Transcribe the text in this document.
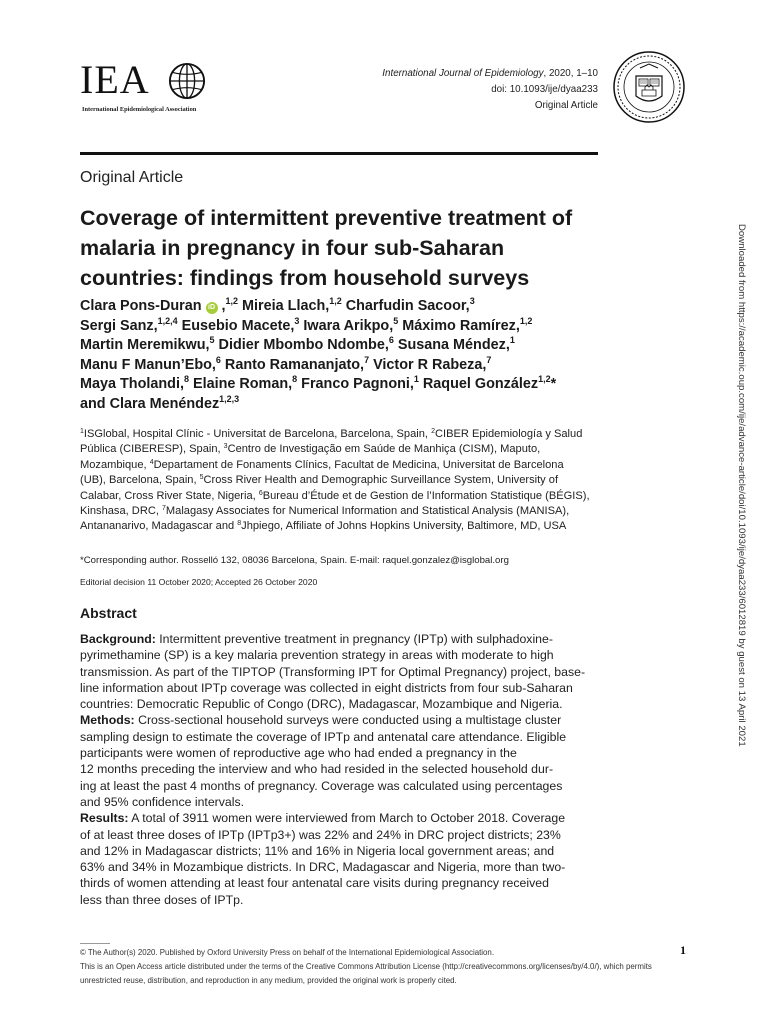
IEA
International Epidemiological Association
International Journal of Epidemiology, 2020, 1–10
doi: 10.1093/ije/dyaa233
Original Article
Original Article
Coverage of intermittent preventive treatment of malaria in pregnancy in four sub-Saharan countries: findings from household surveys
Clara Pons-Duran iD ,$^{1,2}$ Mireia Llach,$^{1,2}$ Charfudin Sacoor,$^3$
Sergi Sanz,$^{1,2,4}$ Eusebio Macete,$^3$ Iwara Arikpo,$^5$ Máximo Ramírez,$^{1,2}$
Martin Meremikwu,$^5$ Didier Mbombo Ndombe,$^6$ Susana Méndez,$^1$
Manu F Manun’Ebo,$^6$ Ranto Ramananjato,$^7$ Victor R Rabeza,$^7$
Maya Tholandi,$^8$ Elaine Roman,$^8$ Franco Pagnoni,$^1$ Raquel González$^{1,2}$*
and Clara Menéndez$^{1,2,3}$
$^1$ISGlobal, Hospital Clínic - Universitat de Barcelona, Barcelona, Spain, $^2$CIBER Epidemiología y Salud
Pública (CIBERESP), Spain, $^3$Centro de Investigação em Saúde de Manhiça (CISM), Maputo,
Mozambique, $^4$Departament de Fonaments Clínics, Facultat de Medicina, Universitat de Barcelona
(UB), Barcelona, Spain, $^5$Cross River Health and Demographic Surveillance System, University of
Calabar, Cross River State, Nigeria, $^6$Bureau d’Étude et de Gestion de l’Information Statistique (BÉGIS),
Kinshasa, DRC, $^7$Malagasy Associates for Numerical Information and Statistical Analysis (MANISA),
Antananarivo, Madagascar and $^8$Jhpiego, Affiliate of Johns Hopkins University, Baltimore, MD, USA
*Corresponding author. Rosselló 132, 08036 Barcelona, Spain. E-mail: raquel.gonzalez@isglobal.org
Editorial decision 11 October 2020; Accepted 26 October 2020
Abstract
Background: Intermittent preventive treatment in pregnancy (IPTp) with sulphadoxine-
pyrimethamine (SP) is a key malaria prevention strategy in areas with moderate to high
transmission. As part of the TIPTOP (Transforming IPT for Optimal Pregnancy) project, base-
line information about IPTp coverage was collected in eight districts from four sub-Saharan
countries: Democratic Republic of Congo (DRC), Madagascar, Mozambique and Nigeria.
Methods: Cross-sectional household surveys were conducted using a multistage cluster
sampling design to estimate the coverage of IPTp and antenatal care attendance. Eligible
participants were women of reproductive age who had ended a pregnancy in the
12 months preceding the interview and who had resided in the selected household dur-
ing at least the past 4 months of pregnancy. Coverage was calculated using percentages
and 95% confidence intervals.
Results: A total of 3911 women were interviewed from March to October 2018. Coverage
of at least three doses of IPTp (IPTp3+) was 22% and 24% in DRC project districts; 23%
and 12% in Madagascar districts; 11% and 16% in Nigeria local government areas; and
63% and 34% in Mozambique districts. In DRC, Madagascar and Nigeria, more than two-
thirds of women attending at least four antenatal care visits during pregnancy received
less than three doses of IPTp.
Downloaded from https://academic.oup.com/ije/advance-article/doi/10.1093/ije/dyaa233/6012819 by guest on 13 April 2021
© The Author(s) 2020. Published by Oxford University Press on behalf of the International Epidemiological Association.
This is an Open Access article distributed under the terms of the Creative Commons Attribution License (http://creativecommons.org/licenses/by/4.0/), which permits
unrestricted reuse, distribution, and reproduction in any medium, provided the original work is properly cited.
1
